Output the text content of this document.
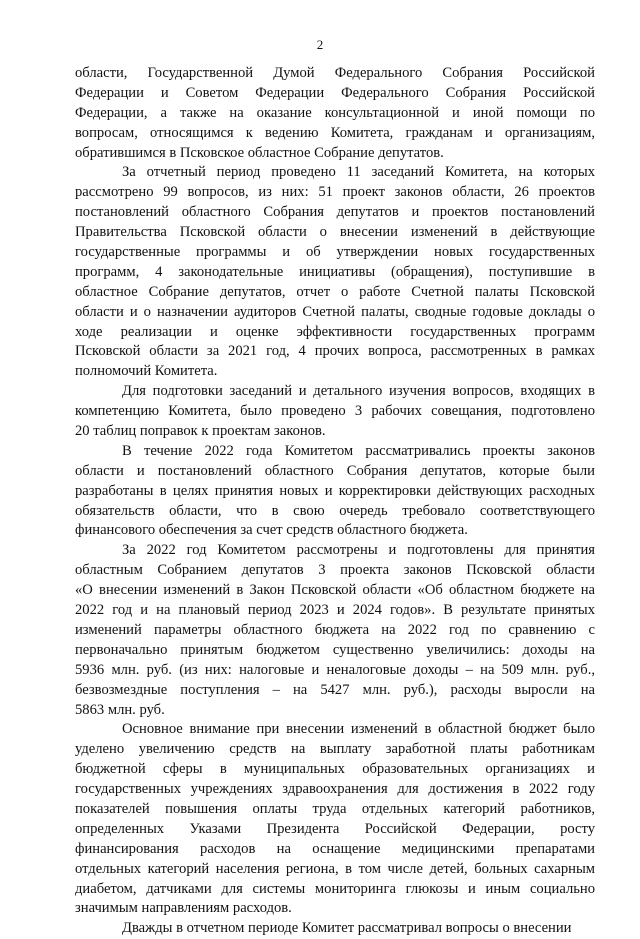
2
области, Государственной Думой Федерального Собрания Российской
Федерации и Советом Федерации Федерального Собрания Российской
Федерации, а также на оказание консультационной и иной помощи по
вопросам, относящимся к ведению Комитета, гражданам и организациям,
обратившимся в Псковское областное Собрание депутатов.
За отчетный период проведено 11 заседаний Комитета, на которых
рассмотрено 99 вопросов, из них: 51 проект законов области, 26 проектов
постановлений областного Собрания депутатов и проектов постановлений
Правительства Псковской области о внесении изменений в действующие
государственные программы и об утверждении новых государственных
программ, 4 законодательные инициативы (обращения), поступившие в
областное Собрание депутатов, отчет о работе Счетной палаты Псковской
области и о назначении аудиторов Счетной палаты, сводные годовые доклады о
ходе реализации и оценке эффективности государственных программ
Псковской области за 2021 год, 4 прочих вопроса, рассмотренных в рамках
полномочий Комитета.
Для подготовки заседаний и детального изучения вопросов, входящих в
компетенцию Комитета, было проведено 3 рабочих совещания, подготовлено
20 таблиц поправок к проектам законов.
В течение 2022 года Комитетом рассматривались проекты законов
области и постановлений областного Собрания депутатов, которые были
разработаны в целях принятия новых и корректировки действующих расходных
обязательств области, что в свою очередь требовало соответствующего
финансового обеспечения за счет средств областного бюджета.
За 2022 год Комитетом рассмотрены и подготовлены для принятия
областным Собранием депутатов 3 проекта законов Псковской области
«О внесении изменений в Закон Псковской области «Об областном бюджете на
2022 год и на плановый период 2023 и 2024 годов». В результате принятых
изменений параметры областного бюджета на 2022 год по сравнению с
первоначально принятым бюджетом существенно увеличились: доходы на
5936 млн. руб. (из них: налоговые и неналоговые доходы – на 509 млн. руб.,
безвозмездные поступления – на 5427 млн. руб.), расходы выросли на
5863 млн. руб.
Основное внимание при внесении изменений в областной бюджет было
уделено увеличению средств на выплату заработной платы работникам
бюджетной сферы в муниципальных образовательных организациях и
государственных учреждениях здравоохранения для достижения в 2022 году
показателей повышения оплаты труда отдельных категорий работников,
определенных Указами Президента Российской Федерации, росту
финансирования расходов на оснащение медицинскими препаратами
отдельных категорий населения региона, в том числе детей, больных сахарным
диабетом, датчиками для системы мониторинга глюкозы и иным социально
значимым направлениям расходов.
Дважды в отчетном периоде Комитет рассматривал вопросы о внесении
